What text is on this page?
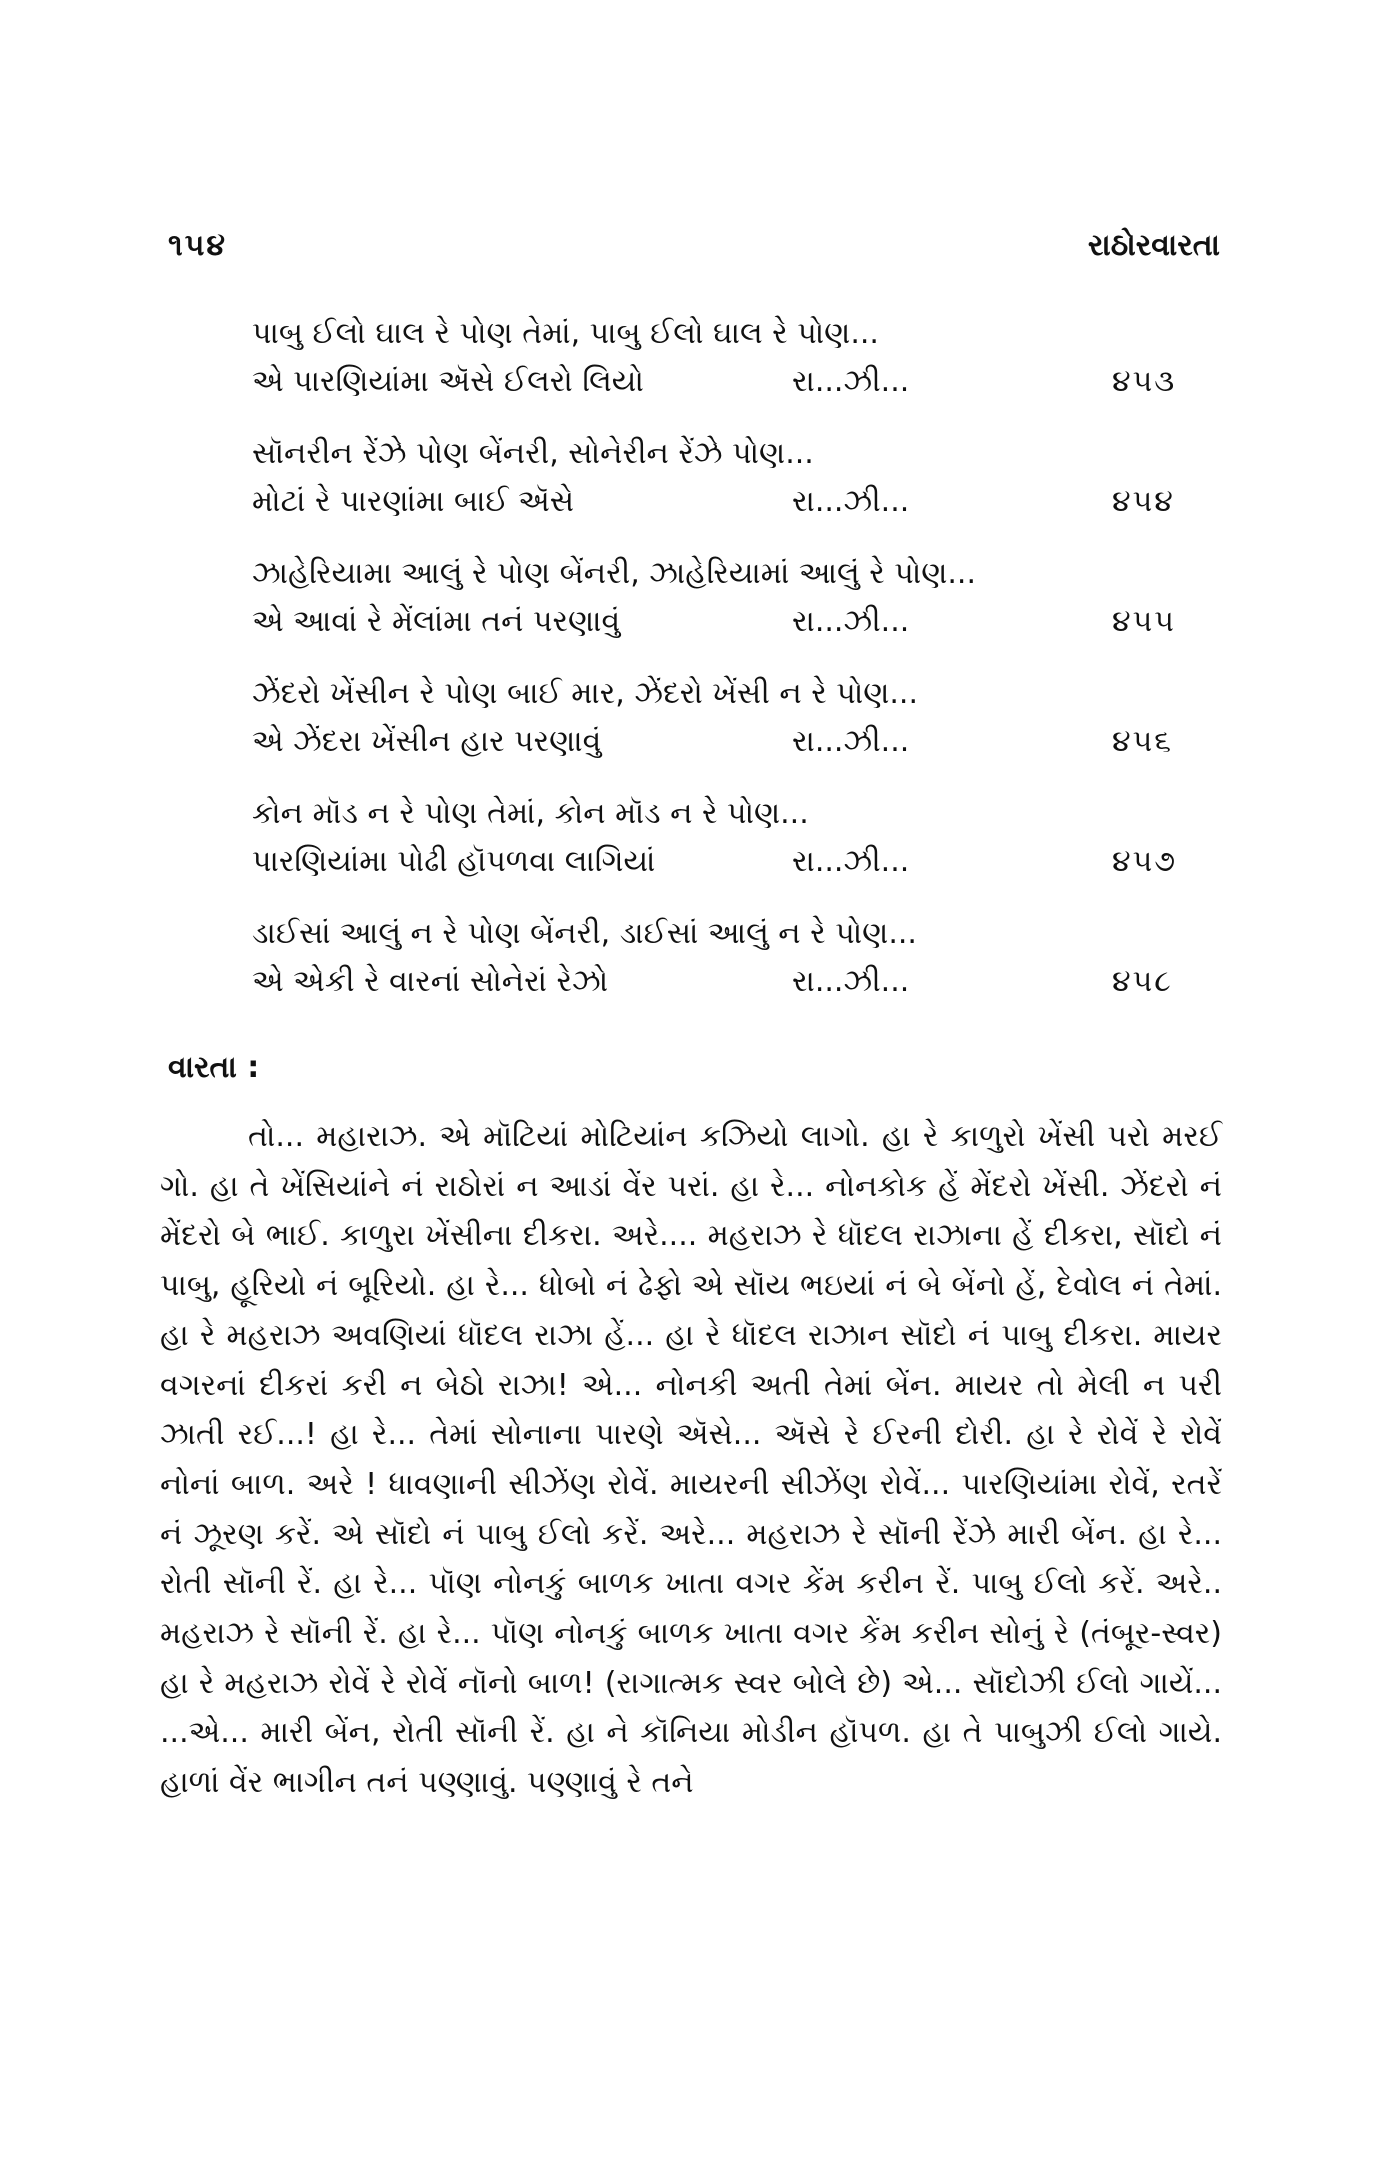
૧૫૪	રાઠોરવારતા
પાબુ ઈલો ઘાલ રે પોણ તેમાં, પાબુ ઈલો ઘાલ રે પોણ...
એ પારણિયાંમા ઍસે ઈલરો લિયો	રા...ઝી...	૪૫૩
સૉનરીન રેંઝે પોણ બેંનરી, સોનેરીન રેંઝે પોણ...
મોટાં રે પારણાંમા બાઈ ઍસે	રા...ઝી...	૪૫૪
ઝાહેરિયામા આલું રે પોણ બેંનરી, ઝાહેરિયામાં આલું રે પોણ...
એ આવાં રે મેંલાંમા તનં પરણાવું	રા...ઝી...	૪૫૫
ઝેંદરો ખેંસીન રે પોણ બાઈ માર, ઝેંદરો ખેંસી ન રે પોણ...
એ ઝેંદરા ખેંસીન હાર પરણાવું	રા...ઝી...	૪૫૬
કોન મૉડ ન રે પોણ તેમાં, કોન મૉડ ન રે પોણ...
પારણિયાંમા પોઢી હૉપળવા લાગિયાં	રા...ઝી...	૪૫૭
ડાઈસાં આલું ન રે પોણ બેંનરી, ડાઈસાં આલું ન રે પોણ...
એ એકી રે વારનાં સોનેરાં રેઝો	રા...ઝી...	૪૫૮
વારતા :

તો... મહારાઝ. એ મૉટિયાં મોટિયાંન કઝિયો લાગો. હા રે કાળુરો ખેંસી પરો મરઈ ગો. હા તે ખેંસિયાંને નં રાઠોરાં ન આડાં વેંર પરાં. હા રે... નોનકોક હેં મેંદરો ખેંસી. ઝેંદરો નં મેંદરો બે ભાઈ. કાળુરા ખેંસીના દીકરા. અરે.... મહરાઝ રે ધૉદલ રાઝાના હેં દીકરા, સૉદો નં પાબુ, હૂરિયો નં બૂરિયો. હા રે... ધોબો નં ઢેફો એ સૉય ભઇયાં નં બે બેંનો હેં, દેવોલ નં તેમાં. હા રે મહરાઝ અવણિયાં ધૉદલ રાઝા હેં... હા રે ધૉદલ રાઝાન સૉદો નં પાબુ દીકરા. માયર વગરનાં દીકરાં કરી ન બેઠો રાઝા! એ... નોનકી અતી તેમાં બેંન. માયર તો મેલી ન પરી ઝાતી રઈ...! હા રે... તેમાં સોનાના પારણે ઍસે... ઍસે રે ઈરની દોરી. હા રે રોવેં રે રોવેં નોનાં બાળ. અરે ! ધાવણાની સીઝેંણ રોવેં. માયરની સીઝેંણ રોવેં... પારણિયાંમા રોવેં, રતરેં નં ઝૂરણ કરેં. એ સૉદો નં પાબુ ઈલો કરેં. અરે... મહરાઝ રે સૉની રેંઝે મારી બેંન. હા રે... રોતી સૉની રેં. હા રે... પૉણ નોનકું બાળક ખાતા વગર કેંમ કરીન રેં. પાબુ ઈલો કરેં. અરે.. મહરાઝ રે સૉની રેં. હા રે... પૉણ નોનકું બાળક ખાતા વગર કેંમ કરીન સોનું રે (તંબૂર-સ્વર) હા રે મહરાઝ રોવેં રે રોવેં નૉનો બાળ! (રાગાત્મક સ્વર બોલે છે) એ... સૉદોઝી ઈલો ગાયેં... ...એ... મારી બેંન, રોતી સૉની રેં. હા ને કૉનિયા મોડીન હૉપળ. હા તે પાબુઝી ઈલો ગાયે. હાળાં વેંર ભાગીન તનં પણ્ણાવું. પણ્ણાવું રે તને
